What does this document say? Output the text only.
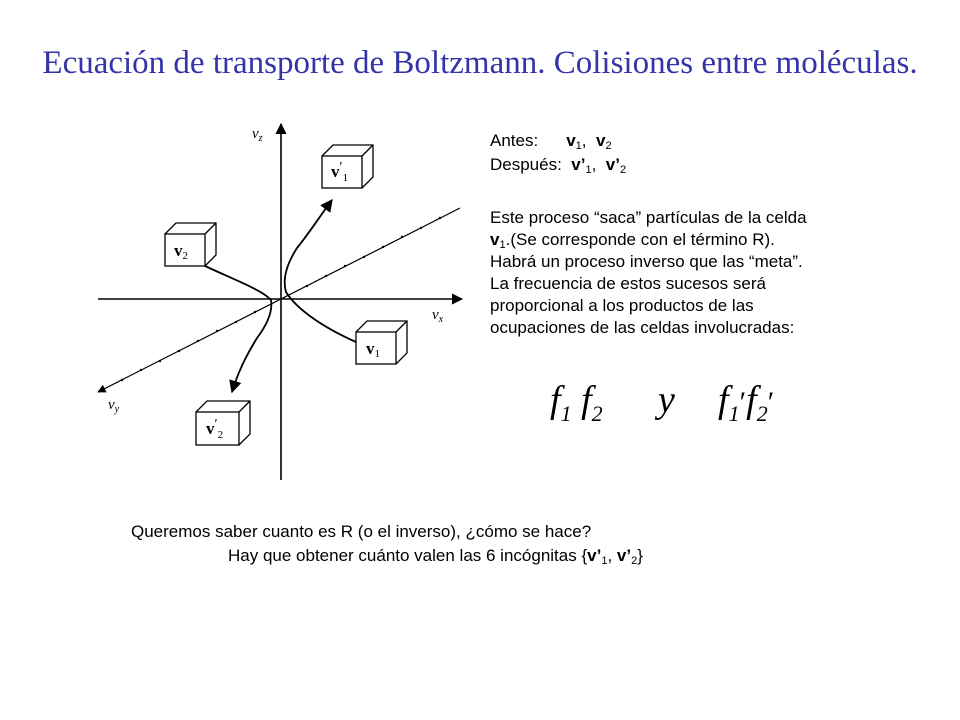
Ecuación de transporte de Boltzmann. Colisiones entre moléculas.
$v_z$
$v_x$
$v_y$
$v'_1$
v2
v1
$v'_2$
Antes: $v_1$, $v_2$
Después: $v’_1$, $v’_2$
Este proceso “saca” partículas de la celda
$v_1.(Se$ corresponde con el término R).
Habrá un proceso inverso que las “meta”.
La frecuencia de estos sucesos será
proporcional a los productos de las
ocupaciones de las celdas involucradas:
$f_1$ $f_2$ y $f_1'f_2'$
Queremos saber cuanto es R (o el inverso), ¿cómo se hace?
Hay que obtener cuánto valen las 6 incógnitas {$v’_1$, $v’_2$}
